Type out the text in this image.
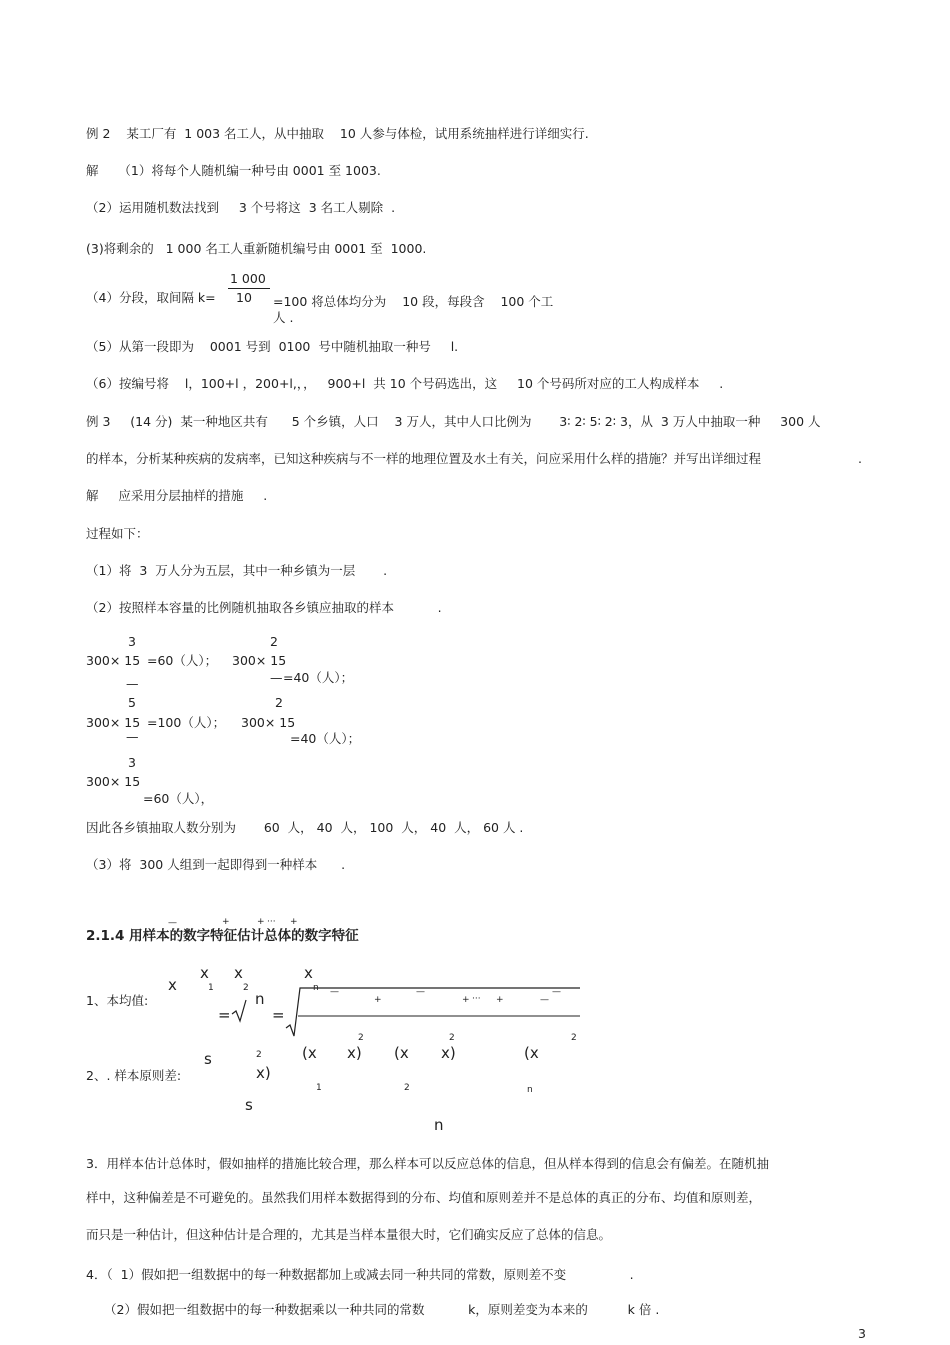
例 2    某工厂有  1 003 名工人，从中抽取    10 人参与体检，试用系统抽样进行详细实行.
解     （1）将每个人随机编一种号由 0001 至 1003.
（2）运用随机数法找到     3 个号将这  3 名工人剔除  .
(3)将剩余的   1 000 名工人重新随机编号由 0001 至  1000.
（4）分段，取间隔 k=
1 000
10 =100 将总体均分为    10 段，每段含    100 个工
人 .
（5）从第一段即为    0001 号到  0100  号中随机抽取一种号     l.
（6）按编号将    l，100+l ，200+l,，，   900+l  共 10 个号码选出，这     10 个号码所对应的工人构成样本     .
例 3     (14 分)  某一种地区共有      5 个乡镇，人口    3 万人，其中人口比例为       3∶ 2∶ 5∶ 2∶ 3，从  3 万人中抽取一种     300 人
的样本，分析某种疾病的发病率，已知这种疾病与不一样的地理位置及水土有关，问应采用什么样的措施？并写出详细过程	.
解     应采用分层抽样的措施     .
过程如下：
（1）将  3  万人分为五层，其中一种乡镇为一层       .
（2）按照样本容量的比例随机抽取各乡镇应抽取的样本           .
3	2
300× 15 =60（人）； 300× 15
—	— =40（人）；
5	2
300× 15 =100（人）； 300× 15
—	=40（人）；
3
300× 15
=60（人），
因此各乡镇抽取人数分别为       60  人， 40  人， 100  人， 40  人， 60 人 .
（3）将  300 人组到一起即得到一种样本      .
—	+	+ ··· +
2.1.4 用样本的数字特征估计总体的数字特征
x
x x	x
1	2	n
1、本均值:	n
=	=
—
+
—
+ ··· +	—
—
2	2	2
(x x) (x x)	(x
s	2
2、. 样本原则差:	x)
1	2	n
s
n
3．用样本估计总体时，假如抽样的措施比较合理，那么样本可以反应总体的信息，但从样本得到的信息会有偏差。在随机抽
样中，这种偏差是不可避免的。虽然我们用样本数据得到的分布、均值和原则差并不是总体的真正的分布、均值和原则差，
而只是一种估计，但这种估计是合理的，尤其是当样本量很大时，它们确实反应了总体的信息。
4．（  1）假如把一组数据中的每一种数据都加上或减去同一种共同的常数，原则差不变                .
（2）假如把一组数据中的每一种数据乘以一种共同的常数           k，原则差变为本来的          k 倍 .
3
